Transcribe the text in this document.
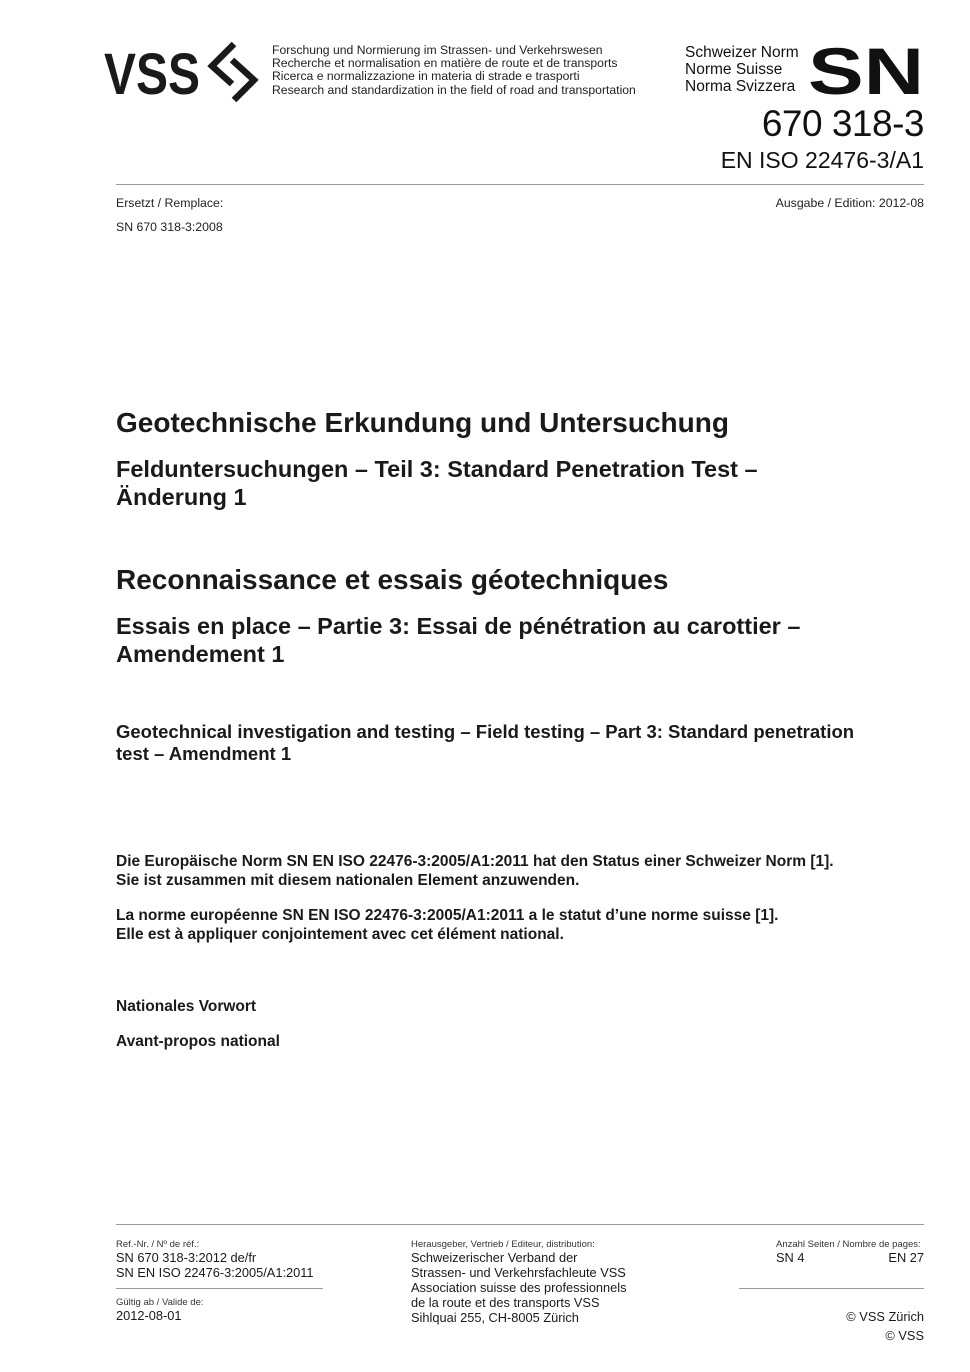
VSS	Forschung und Normierung im Strassen- und Verkehrswesen
Recherche et normalisation en matière de route et de transports
Ricerca e normalizzazione in materia di strade e trasporti
Research and standardization in the field of road and transportation
Schweizer Norm
Norme Suisse
Norma Svizzera SN
670 318-3
EN ISO 22476-3/A1
Ersetzt / Remplace:
SN 670 318-3:2008
Ausgabe / Edition: 2012-08
Geotechnische Erkundung und Untersuchung
Felduntersuchungen – Teil 3: Standard Penetration Test –
Änderung 1
Reconnaissance et essais géotechniques
Essais en place – Partie 3: Essai de pénétration au carottier –
Amendement 1
Geotechnical investigation and testing – Field testing – Part 3: Standard penetration
test – Amendment 1
Die Europäische Norm SN EN ISO 22476-3:2005/A1:2011 hat den Status einer Schweizer Norm [1].
Sie ist zusammen mit diesem nationalen Element anzuwenden.
La norme européenne SN EN ISO 22476-3:2005/A1:2011 a le statut d’une norme suisse [1].
Elle est à appliquer conjointement avec cet élément national.
Nationales Vorwort
Avant-propos national
Ref.-Nr. / Nº de réf.:
SN 670 318-3:2012 de/fr
SN EN ISO 22476-3:2005/A1:2011
Gültig ab / Valide de:
2012-08-01
Herausgeber, Vertrieb / Editeur, distribution:
Schweizerischer Verband der
Strassen- und Verkehrsfachleute VSS
Association suisse des professionnels
de la route et des transports VSS
Sihlquai 255, CH-8005 Zürich
Anzahl Seiten / Nombre de pages:
SN 4	EN 27
© VSS Zürich
© VSS
